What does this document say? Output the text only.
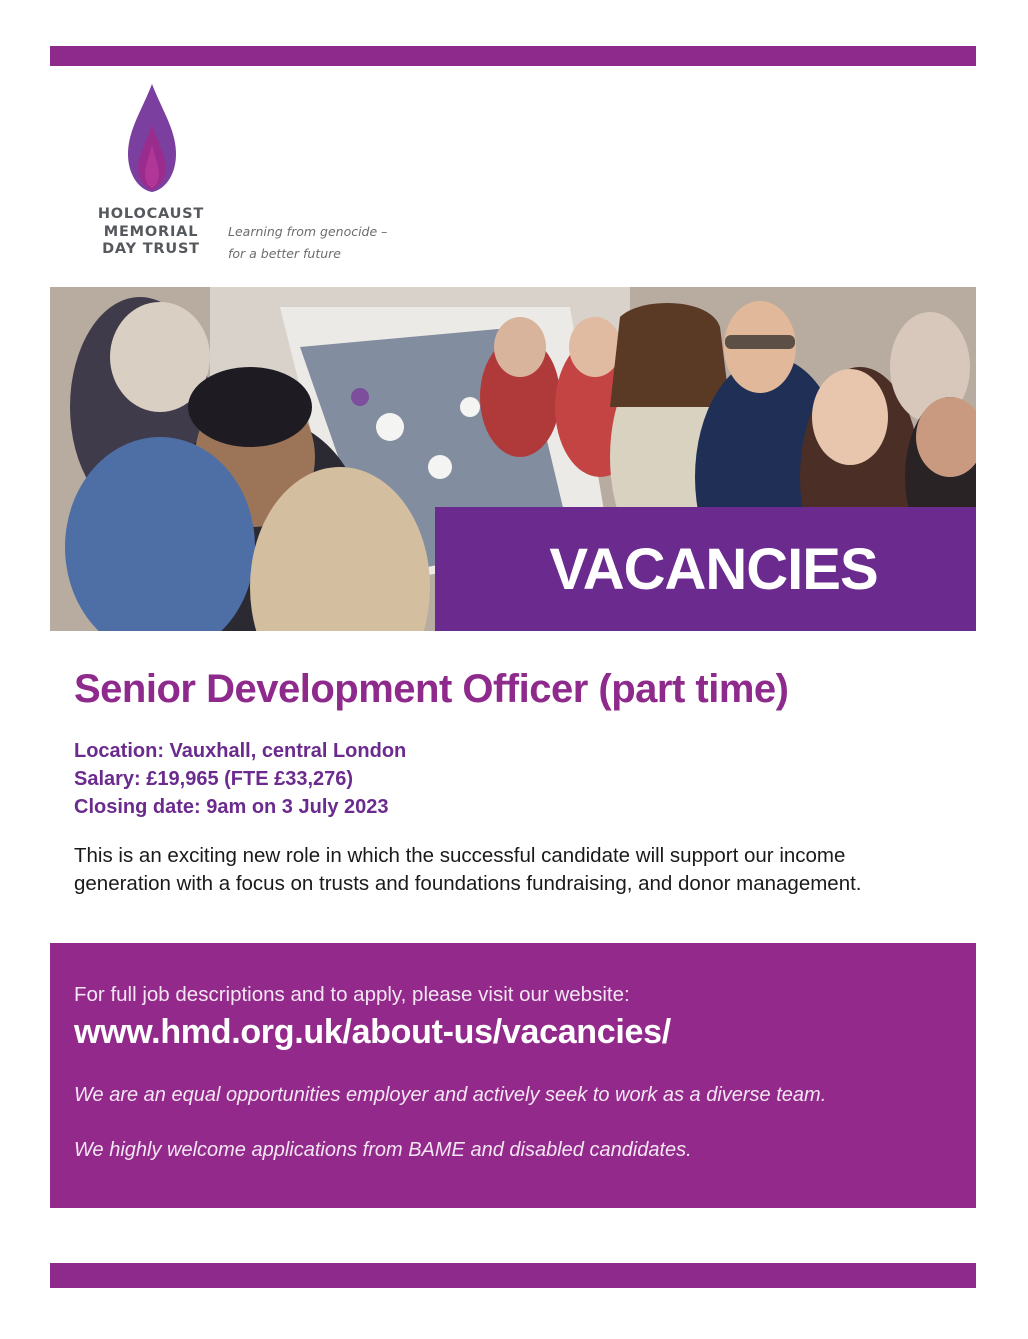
HOLOCAUST
MEMORIAL
DAY TRUST
Learning from genocide –
for a better future
VACANCIES
Senior Development Officer (part time)
Location: Vauxhall, central London
Salary: £19,965 (FTE £33,276)
Closing date: 9am on 3 July 2023
This is an exciting new role in which the successful candidate will support our income
generation with a focus on trusts and foundations fundraising, and donor management.
For full job descriptions and to apply, please visit our website:
www.hmd.org.uk/about-us/vacancies/
We are an equal opportunities employer and actively seek to work as a diverse team.
We highly welcome applications from BAME and disabled candidates.
